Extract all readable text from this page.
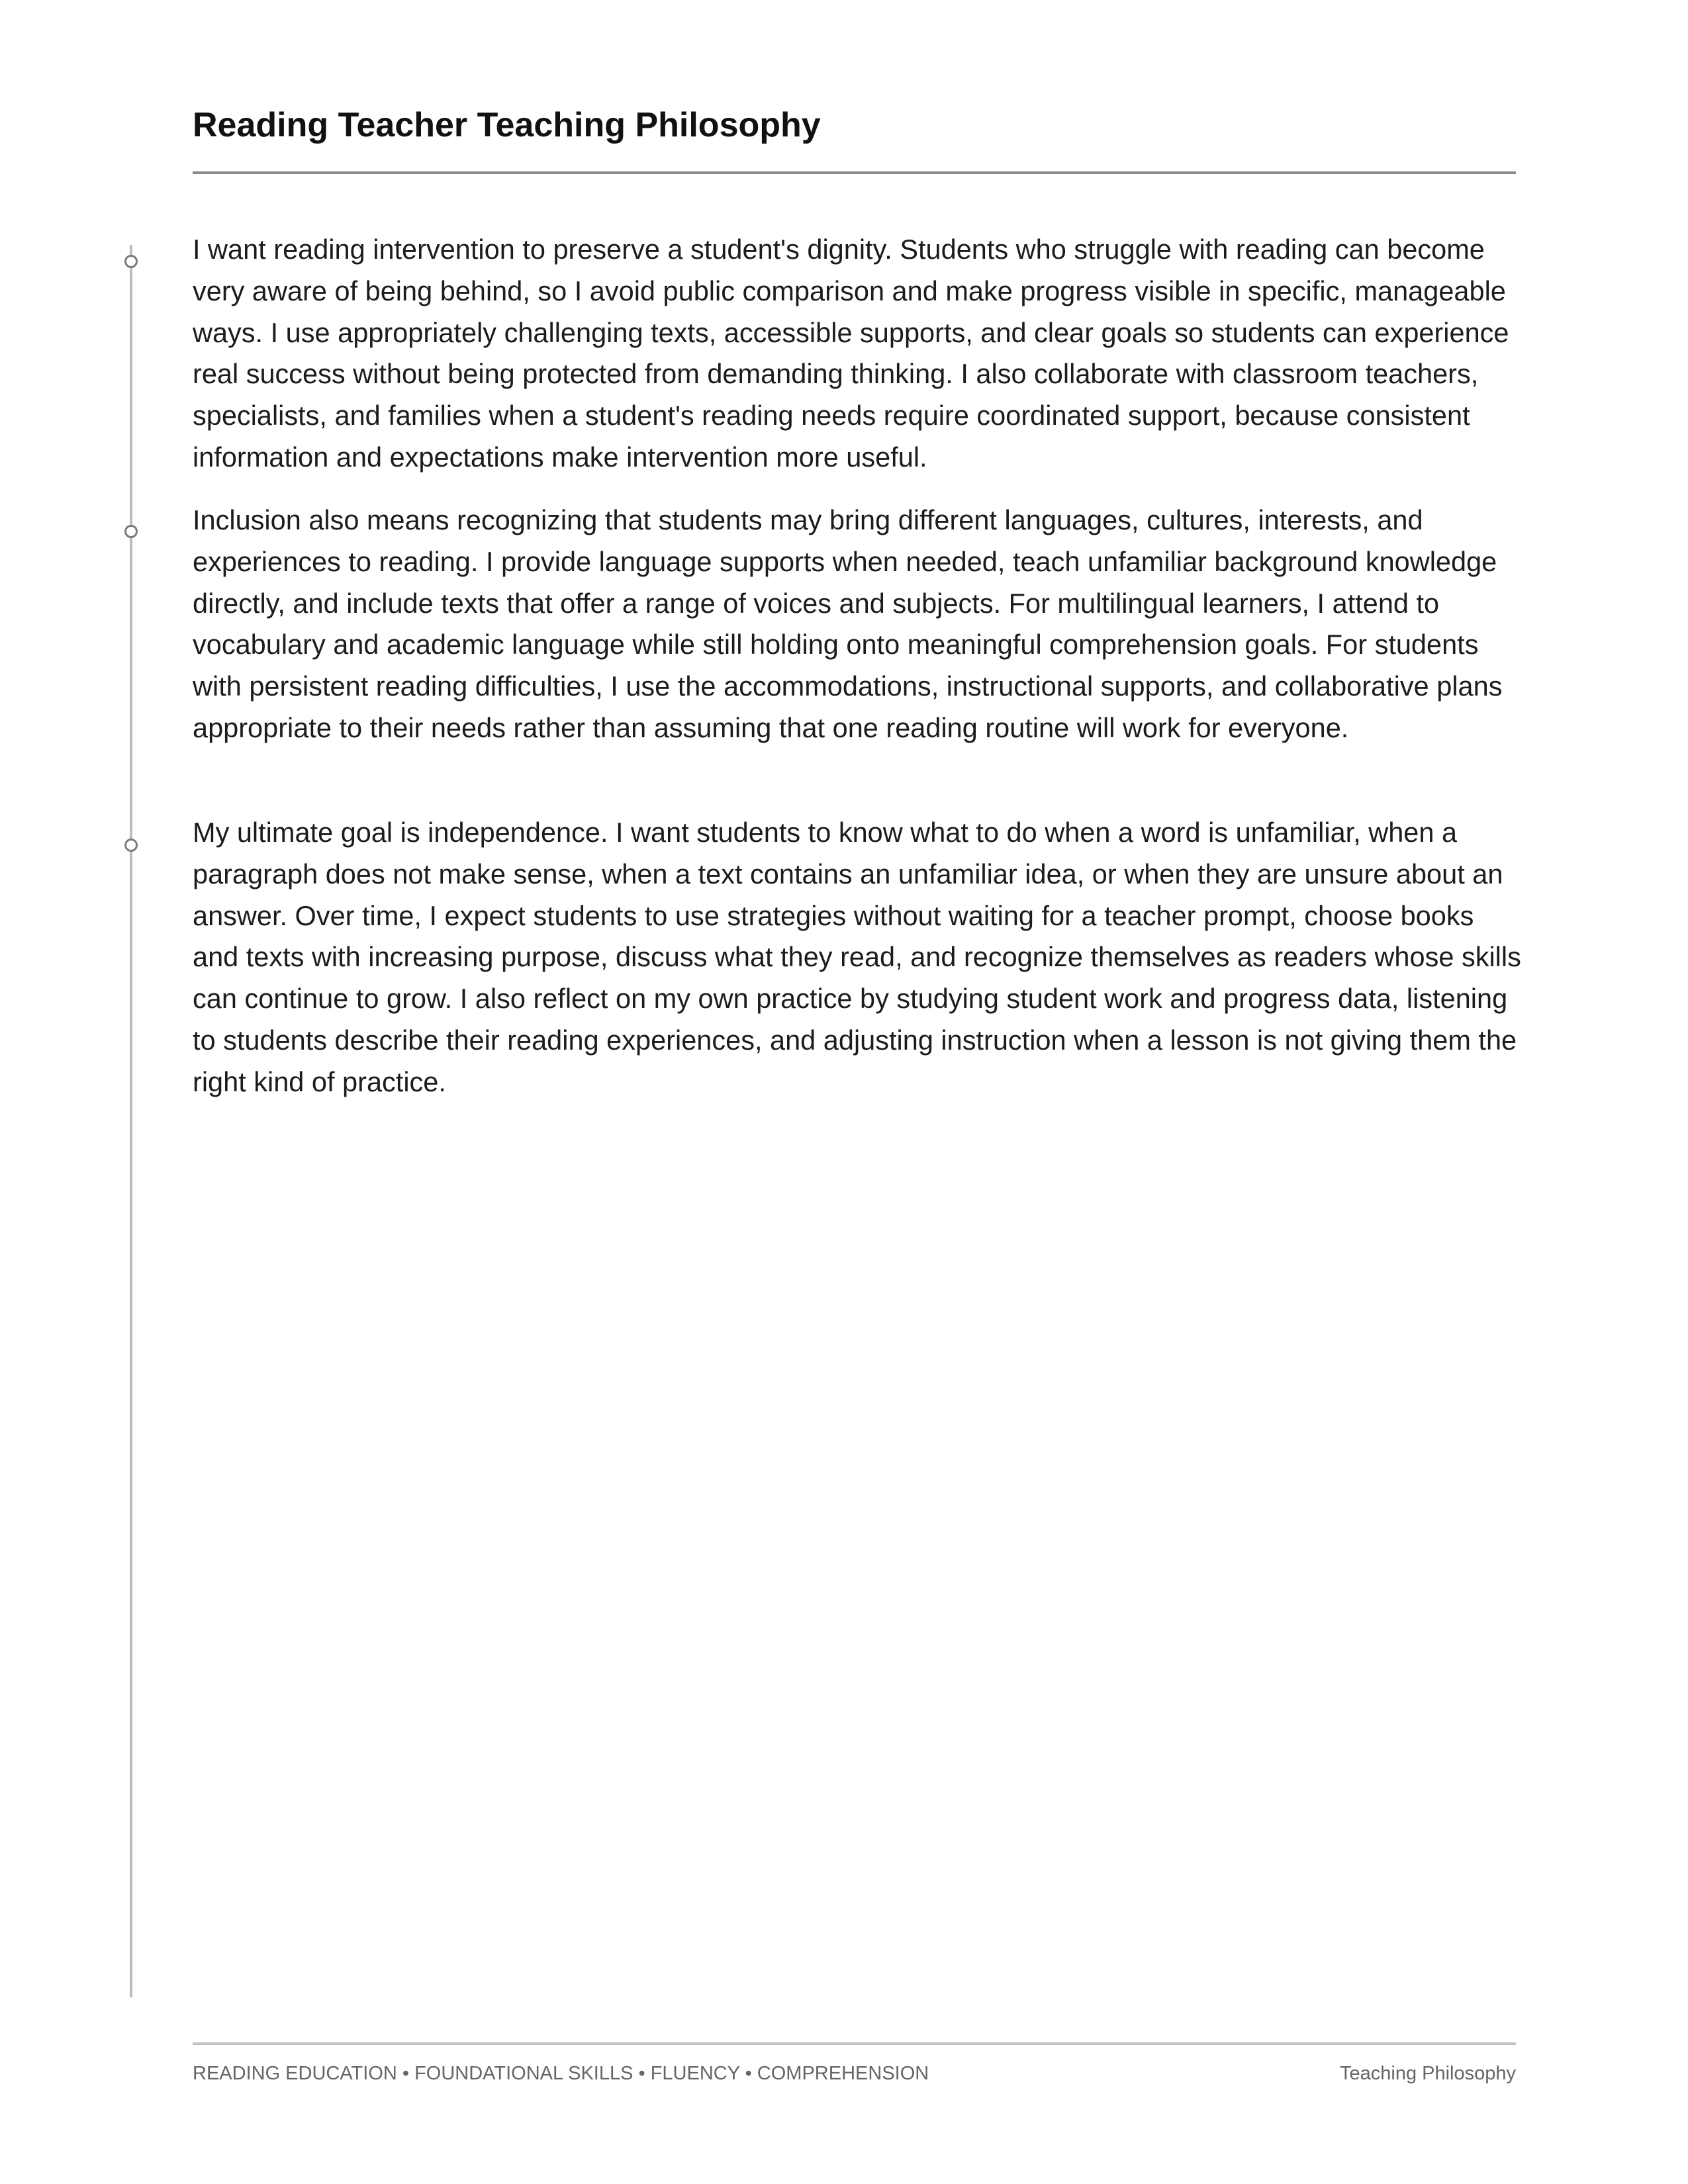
Reading Teacher Teaching Philosophy

I want reading intervention to preserve a student's dignity. Students who struggle with reading can become very aware of being behind, so I avoid public comparison and make progress visible in specific, manageable ways. I use appropriately challenging texts, accessible supports, and clear goals so students can experience real success without being protected from demanding thinking. I also collaborate with classroom teachers, specialists, and families when a student's reading needs require coordinated support, because consistent information and expectations make intervention more useful.

Inclusion also means recognizing that students may bring different languages, cultures, interests, and experiences to reading. I provide language supports when needed, teach unfamiliar background knowledge directly, and include texts that offer a range of voices and subjects. For multilingual learners, I attend to vocabulary and academic language while still holding onto meaningful comprehension goals. For students with persistent reading difficulties, I use the accommodations, instructional supports, and collaborative plans appropriate to their needs rather than assuming that one reading routine will work for everyone.

My ultimate goal is independence. I want students to know what to do when a word is unfamiliar, when a paragraph does not make sense, when a text contains an unfamiliar idea, or when they are unsure about an answer. Over time, I expect students to use strategies without waiting for a teacher prompt, choose books and texts with increasing purpose, discuss what they read, and recognize themselves as readers whose skills can continue to grow. I also reflect on my own practice by studying student work and progress data, listening to students describe their reading experiences, and adjusting instruction when a lesson is not giving them the right kind of practice.

READING EDUCATION • FOUNDATIONAL SKILLS • FLUENCY • COMPREHENSION	Teaching Philosophy
